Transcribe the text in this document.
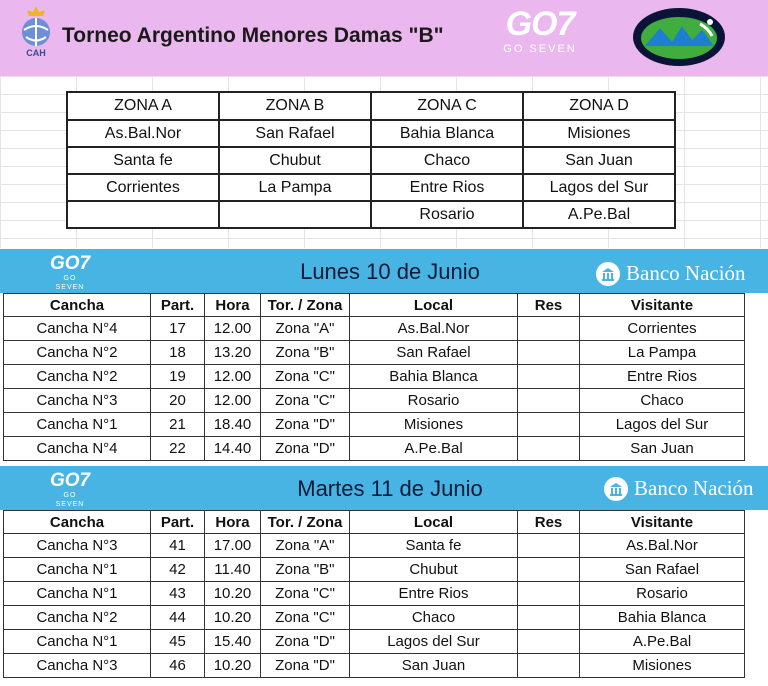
CAH
Torneo Argentino Menores Damas "B" GO7
GO SEVEN
ZONA A	ZONA B	ZONA C	ZONA D
As.Bal.Nor	San Rafael	Bahia Blanca	Misiones
Santa fe	Chubut	Chaco	San Juan
Corrientes	La Pampa	Entre Rios	Lagos del Sur
		Rosario	A.Pe.Bal
GO7
GO SEVEN
Lunes 10 de Junio	Banco Nación
Cancha	Part.	Hora	Tor. / Zona	Local	Res	Visitante
Cancha N°4	17	12.00	Zona "A"	As.Bal.Nor		Corrientes
Cancha N°2	18	13.20	Zona "B"	San Rafael		La Pampa
Cancha N°2	19	12.00	Zona "C"	Bahia Blanca		Entre Rios
Cancha N°3	20	12.00	Zona "C"	Rosario		Chaco
Cancha N°1	21	18.40	Zona "D"	Misiones		Lagos del Sur
Cancha N°4	22	14.40	Zona "D"	A.Pe.Bal		San Juan
GO7
GO SEVEN
Martes 11 de Junio	Banco Nación
Cancha	Part.	Hora	Tor. / Zona	Local	Res	Visitante
Cancha N°3	41	17.00	Zona "A"	Santa fe		As.Bal.Nor
Cancha N°1	42	11.40	Zona "B"	Chubut		San Rafael
Cancha N°1	43	10.20	Zona "C"	Entre Rios		Rosario
Cancha N°2	44	10.20	Zona "C"	Chaco		Bahia Blanca
Cancha N°1	45	15.40	Zona "D"	Lagos del Sur		A.Pe.Bal
Cancha N°3	46	10.20	Zona "D"	San Juan		Misiones
